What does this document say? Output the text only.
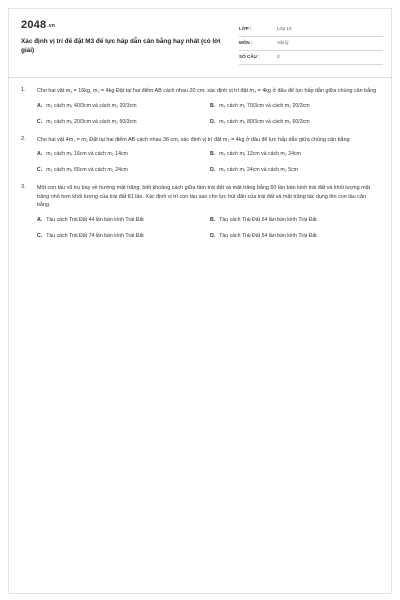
2048.vn
Xác định vị trí để đặt M3 để lực hấp dẫn cân bằng hay nhất (có lời giải)
LỚP :	Lớp 10
MÔN :	Vật lý
SỐ CÂU :	3
1. Cho hai vật m₁ = 16kg, m₂ = 4kg Đặt tại hai điểm AB cách nhau 20 cm, xác định vị trí đặt m₃ = 4kg ở đâu để lực hấp dẫn giữa chúng cân bằng
A. m₃ cách m₁ 40/3cm và cách m₂ 20/3cm	B. m₃ cách m₁ 70/3cm và cách m₂ 20/3cm
C. m₃ cách m₁ 20/3cm và cách m₂ 50/3cm	D. m₃ cách m₁ 80/3cm và cách m₂ 60/3cm
2. Cho hai vật 4m₁ = m₂ Đặt tại hai điểm AB cách nhau 36 cm, xác định vị trí đặt m₃ = 4kg ở đâu để lực hấp dẫn giữa chúng cân bằng
A. m₃ cách m₁ 16cm và cách m₂ 14cm	B. m₃ cách m₁ 12cm và cách m₂ 24cm
C. m₃ cách m₁ 65cm và cách m₂ 24cm	D. m₃ cách m₁ 24cm và cách m₂ 5cm
3. Một con tàu vũ trụ bay về hướng mặt trăng, biết khoảng cách giữa tâm trái đất và mặt trăng bằng 60 lần bán kính trái đất và khối lượng mặt trăng nhỏ hơn khối lượng của trái đất 81 lần. Xác định vị trí con tàu sao cho lực hút đẩn của trái đất và mặt trăng tác dụng lên con tàu cân bằng
A. Tàu cách Trái Đất 44 lần bán kính Trái Đất	B. Tàu cách Trái Đất 64 lần bán kính Trái Đất
C. Tàu cách Trái Đất 74 lần bán kính Trái Đất	D. Tàu cách Trái Đất 54 lần bán kính Trái Đất
